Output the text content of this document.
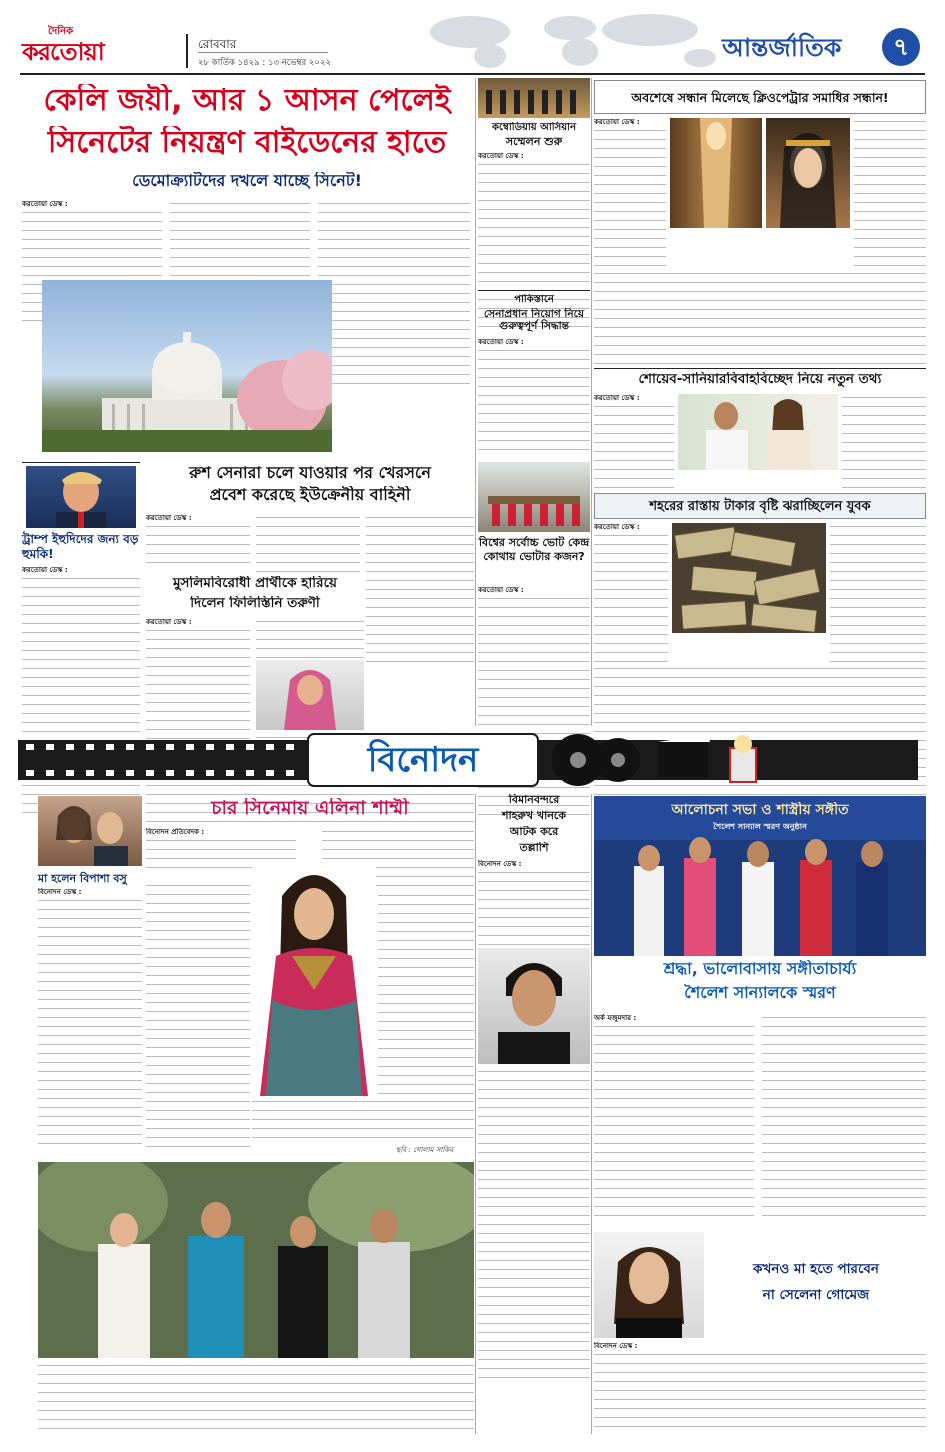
দৈনিক
করতোয়া	রোববার
২৮ কার্তিক ১৪২৯ : ১৩ নভেম্বর ২০২২
আন্তর্জাতিক	৭
কেলি জয়ী, আর ১ আসন পেলেই
সিনেটের নিয়ন্ত্রণ বাইডেনের হাতে
ডেমোক্র্যাটদের দখলে যাচ্ছে সিনেট!
করতোয়া ডেস্ক :
কম্বোডিয়ায় আসিয়ান
সম্মেলন শুরু
করতোয়া ডেস্ক :
পাকিস্তানে
সেনাপ্রধান নিয়োগ নিয়ে গুরুত্বপূর্ণ সিদ্ধান্ত
করতোয়া ডেস্ক :
অবশেষে সন্ধান মিলেছে ক্লিওপেট্রার সমাধির সন্ধান!
করতোয়া ডেস্ক :
শোয়েব-সানিয়ারবিবাহবিচ্ছেদ নিয়ে নতুন তথ্য
করতোয়া ডেস্ক :
ট্রাম্প ইহুদিদের জন্য বড় হুমকি!
করতোয়া ডেস্ক :
রুশ সেনারা চলে যাওয়ার পর খেরসনে
প্রবেশ করেছে ইউক্রেনীয় বাহিনী
করতোয়া ডেস্ক :
মুসলিমবিরোধী প্রার্থীকে হারিয়ে
দিলেন ফিলিস্তিনি তরুণী
করতোয়া ডেস্ক :
বিশ্বের সর্বোচ্চ ভোট কেন্দ্র কোথায় ভোটার কজন?
করতোয়া ডেস্ক :
শহরের রাস্তায় টাকার বৃষ্টি ঝরাচ্ছিলেন যুবক
করতোয়া ডেস্ক :
বিনোদন
মা হলেন বিপাশা বসু
বিনোদন ডেস্ক :
চার সিনেমায় এলিনা শাম্মী
বিনোদন প্রতিবেদক :
ছবি : গোলাম সাকিব
বিমানবন্দরে
শাহরুখ খানকে
আটক করে
তল্লাশি
বিনোদন ডেস্ক :
আলোচনা সভা ও শাস্ত্রীয় সঙ্গীত
শৈলেশ সান্যাল স্মরণ অনুষ্ঠান
শ্রদ্ধা, ভালোবাসায় সঙ্গীতাচার্য্য
শৈলেশ সান্যালকে স্মরণ
অর্ক মজুমদার :
কখনও মা হতে পারবেন
না সেলেনা গোমেজ
বিনোদন ডেস্ক :
